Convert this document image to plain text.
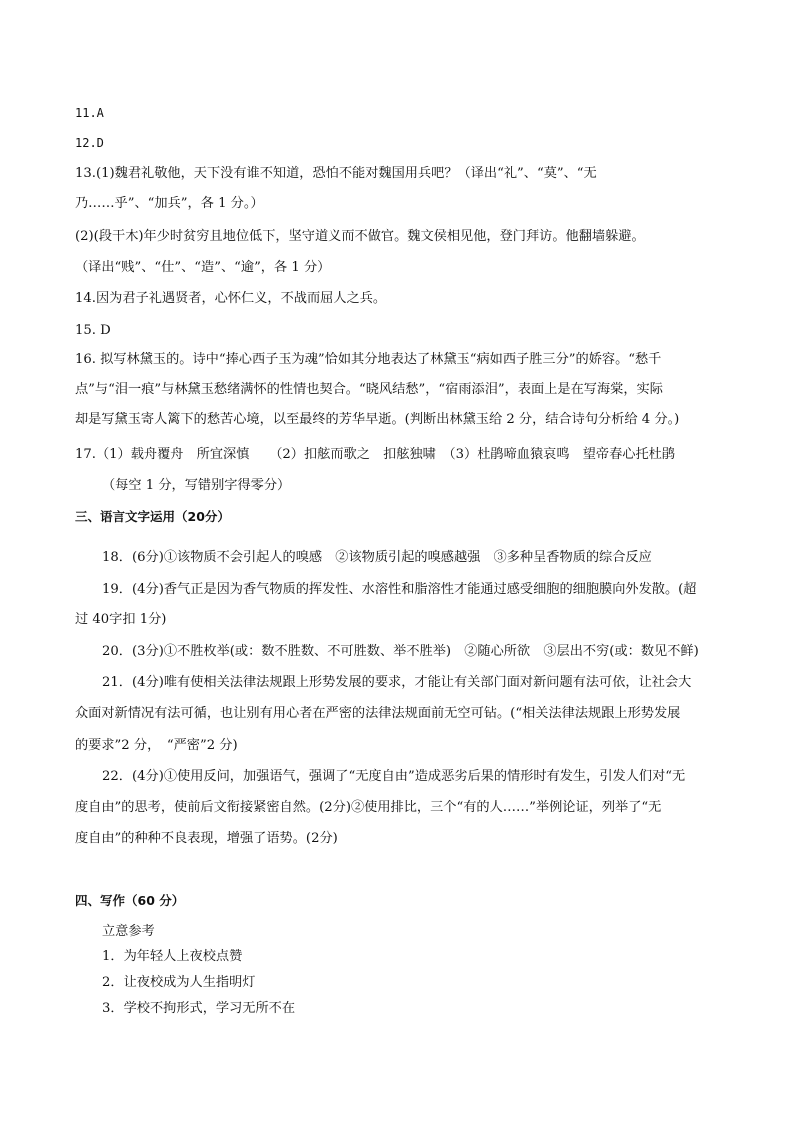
11.A
12.D
13.(1)魏君礼敬他，天下没有谁不知道，恐怕不能对魏国用兵吧？（译出“礼”、“莫”、“无
乃……乎”、“加兵”，各 1 分。）
(2)(段干木)年少时贫穷且地位低下，坚守道义而不做官。魏文侯相见他，登门拜访。他翻墙躲避。
（译出“贱”、“仕”、“造”、“逾”，各 1 分）
14.因为君子礼遇贤者，心怀仁义，不战而屈人之兵。
15. D
16. 拟写林黛玉的。诗中“捧心西子玉为魂”恰如其分地表达了林黛玉“病如西子胜三分”的娇容。“愁千
点”与“泪一痕”与林黛玉愁绪满怀的性情也契合。“晓风结愁”，“宿雨添泪”，表面上是在写海棠，实际
却是写黛玉寄人篱下的愁苦心境，以至最终的芳华早逝。(判断出林黛玉给 2 分，结合诗句分析给 4 分。)
17.（1）载舟覆舟　所宜深慎　　（2）扣舷而歌之　扣舷独啸　（3）杜鹃啼血猿哀鸣　望帝春心托杜鹃
（每空 1 分，写错别字得零分）
三、语言文字运用（20分）
18．(6分)①该物质不会引起人的嗅感　②该物质引起的嗅感越强　③多种呈香物质的综合反应
19．(4分)香气正是因为香气物质的挥发性、水溶性和脂溶性才能通过感受细胞的细胞膜向外发散。(超
过 40字扣 1分)
20．(3分)①不胜枚举(或：数不胜数、不可胜数、举不胜举)　②随心所欲　③层出不穷(或：数见不鲜)
21．(4分)唯有使相关法律法规跟上形势发展的要求，才能让有关部门面对新问题有法可依，让社会大
众面对新情况有法可循，也让别有用心者在严密的法律法规面前无空可钻。(“相关法律法规跟上形势发展
的要求”2 分，　“严密”2 分)
22．(4分)①使用反问，加强语气，强调了“无度自由”造成恶劣后果的情形时有发生，引发人们对“无
度自由”的思考，使前后文衔接紧密自然。(2分)②使用排比，三个“有的人……”举例论证，列举了“无
度自由”的种种不良表现，增强了语势。(2分)
四、写作（60 分）
立意参考
1．为年轻人上夜校点赞
2．让夜校成为人生指明灯
3．学校不拘形式，学习无所不在
